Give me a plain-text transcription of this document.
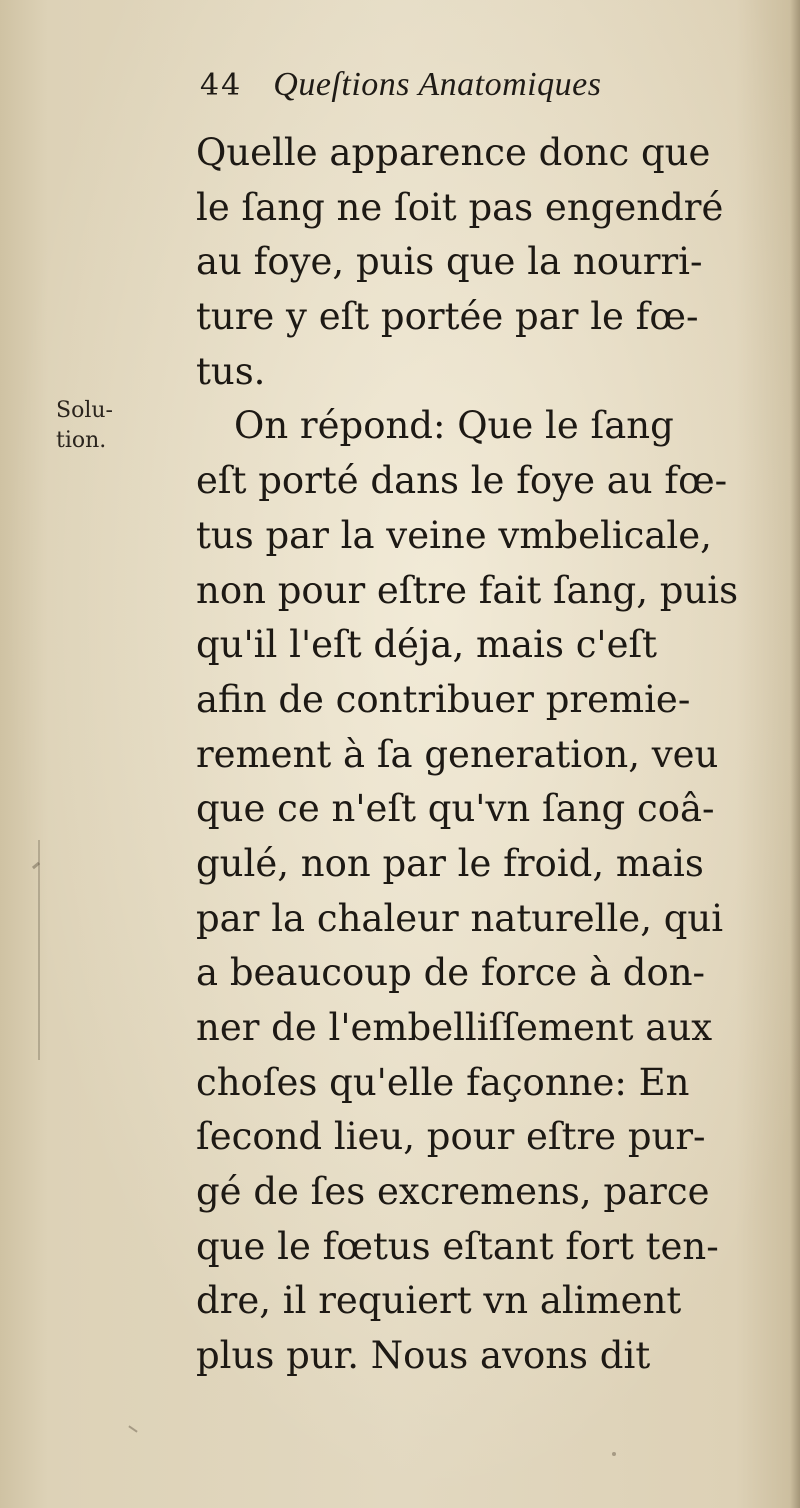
44 Queſtions Anatomiques
Solu-
tion.
Quelle apparence donc que
le ſang ne ſoit pas engendré
au foye, puis que la nourri-
ture y eſt portée par le fœ-
tus.
On répond: Que le ſang
eſt porté dans le foye au fœ-
tus par la veine vmbelicale,
non pour eſtre fait ſang, puis
qu'il l'eſt déja, mais c'eſt
afin de contribuer premie-
rement à ſa generation, veu
que ce n'eſt qu'vn ſang coâ-
gulé, non par le froid, mais
par la chaleur naturelle, qui
a beaucoup de force à don-
ner de l'embelliſſement aux
choſes qu'elle façonne: En
ſecond lieu, pour eſtre pur-
gé de ſes excremens, parce
que le fœtus eſtant fort ten-
dre, il requiert vn aliment
plus pur. Nous avons dit
